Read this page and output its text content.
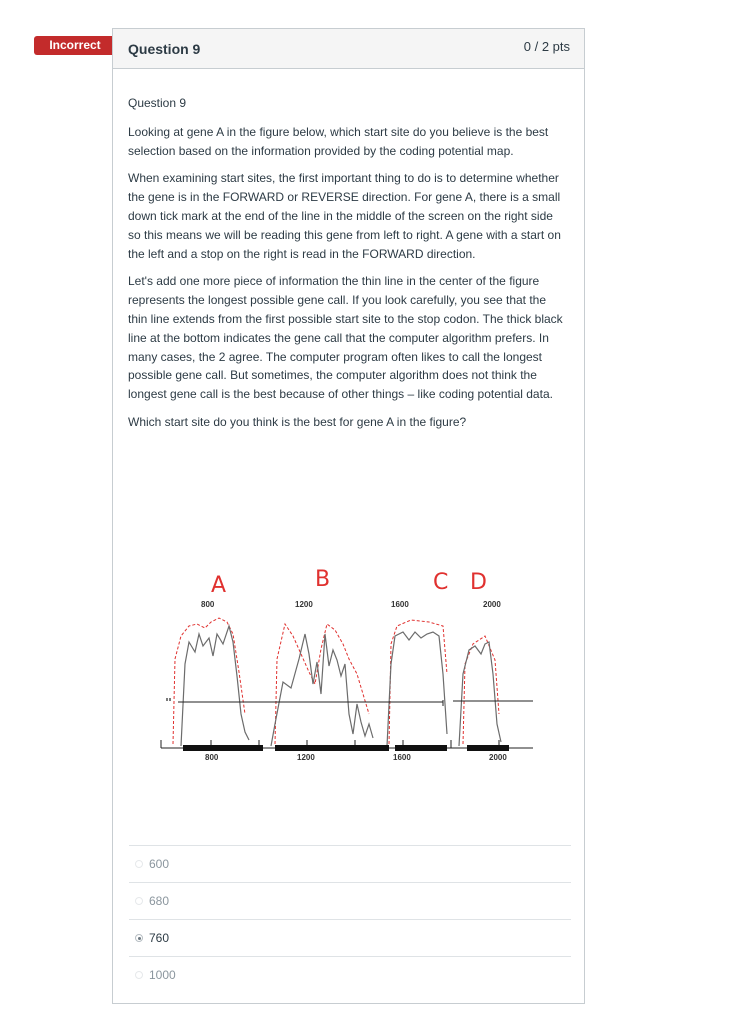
Incorrect	Question 9	0 / 2 pts

Question 9

Looking at gene A in the figure below, which start site do you believe is the best selection based on the information provided by the coding potential map.

When examining start sites, the first important thing to do is to determine whether the gene is in the FORWARD or REVERSE direction. For gene A, there is a small down tick mark at the end of the line in the middle of the screen on the right side so this means we will be reading this gene from left to right. A gene with a start on the left and a stop on the right is read in the FORWARD direction.

Let's add one more piece of information the thin line in the center of the figure represents the longest possible gene call. If you look carefully, you see that the thin line extends from the first possible start site to the stop codon. The thick black line at the bottom indicates the gene call that the computer algorithm prefers. In many cases, the 2 agree. The computer program often likes to call the longest possible gene call. But sometimes, the computer algorithm does not think the longest gene call is the best because of other things – like coding potential data.

Which start site do you think is the best for gene A in the figure?

A	B	C D
800	1200	1600	2000
800	1200	1600	2000
600
680
760
1000
